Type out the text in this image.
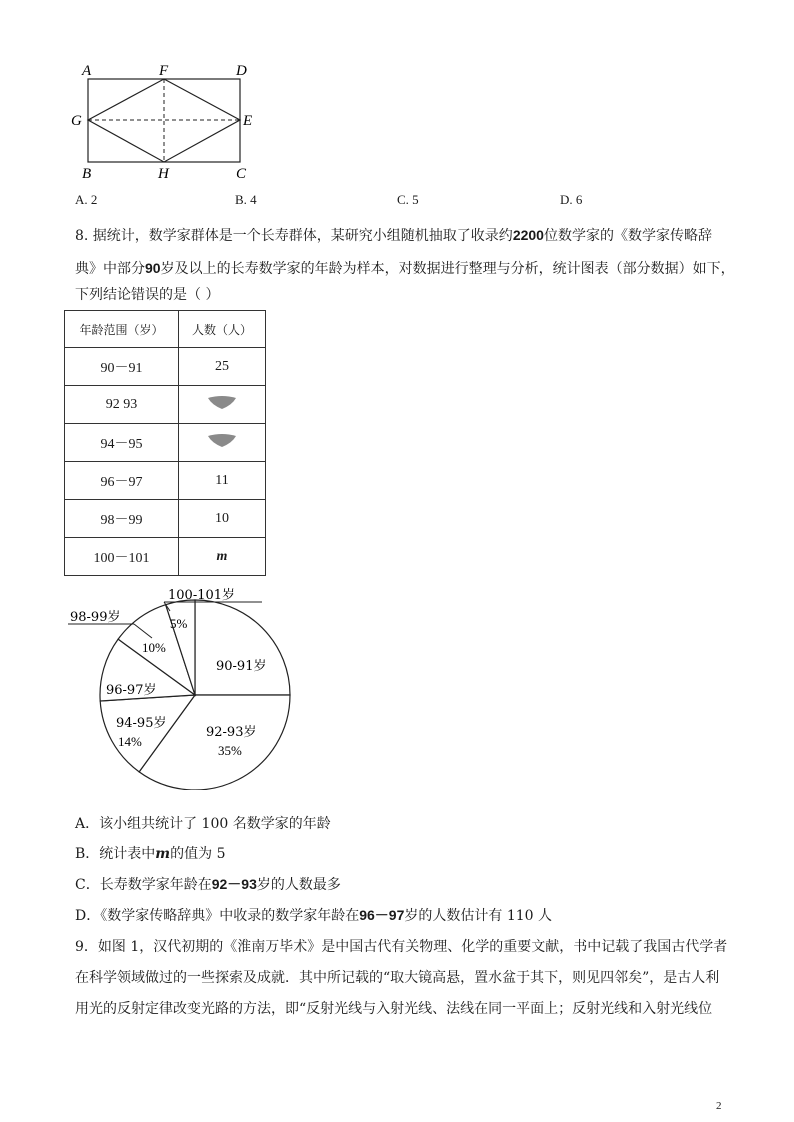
A	F	D
G	E
B	H	C
A. 2	B. 4	C. 5	D. 6
8. 据统计，数学家群体是一个长寿群体，某研究小组随机抽取了收录约2200位数学家的《数学家传略辞
典》中部分90岁及以上的长寿数学家的年龄为样本，对数据进行整理与分析，统计图表（部分数据）如下，
下列结论错误的是（ ）
年龄范围（岁）	人数（人）
90－91	25
92 93	
94－95	
96－97	11
98－99	10
100－101	m
98-99岁
100-101岁
5%
10%
90-91岁
96-97岁
94-95岁
14%
92-93岁
35%
A．该小组共统计了 100 名数学家的年龄
B．统计表中m的值为 5
C．长寿数学家年龄在92－93岁的人数最多
D．《数学家传略辞典》中收录的数学家年龄在96－97岁的人数估计有 110 人
9．如图 1，汉代初期的《淮南万毕术》是中国古代有关物理、化学的重要文献，书中记载了我国古代学者
在科学领域做过的一些探索及成就．其中所记载的“取大镜高悬，置水盆于其下，则见四邻矣”，是古人利
用光的反射定律改变光路的方法，即“反射光线与入射光线、法线在同一平面上；反射光线和入射光线位
2
